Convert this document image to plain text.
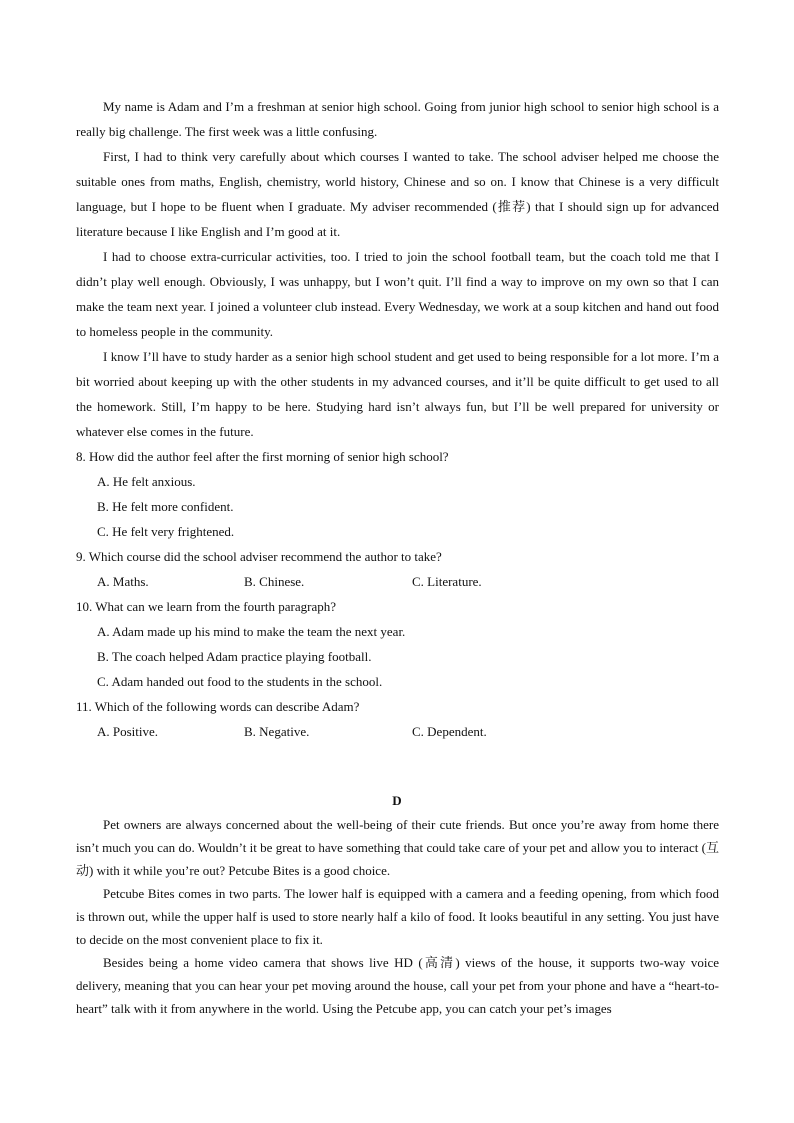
My name is Adam and I’m a freshman at senior high school. Going from junior high school to senior high school is a really big challenge. The first week was a little confusing.

First, I had to think very carefully about which courses I wanted to take. The school adviser helped me choose the suitable ones from maths, English, chemistry, world history, Chinese and so on. I know that Chinese is a very difficult language, but I hope to be fluent when I graduate. My adviser recommended (推荐) that I should sign up for advanced literature because I like English and I’m good at it.

I had to choose extra-curricular activities, too. I tried to join the school football team, but the coach told me that I didn’t play well enough. Obviously, I was unhappy, but I won’t quit. I’ll find a way to improve on my own so that I can make the team next year. I joined a volunteer club instead. Every Wednesday, we work at a soup kitchen and hand out food to homeless people in the community.

I know I’ll have to study harder as a senior high school student and get used to being responsible for a lot more. I’m a bit worried about keeping up with the other students in my advanced courses, and it’ll be quite difficult to get used to all the homework. Still, I’m happy to be here. Studying hard isn’t always fun, but I’ll be well prepared for university or whatever else comes in the future.

8. How did the author feel after the first morning of senior high school?

A. He felt anxious.

B. He felt more confident.

C. He felt very frightened.

9. Which course did the school adviser recommend the author to take?

A. Maths.	B. Chinese.	C. Literature.

10. What can we learn from the fourth paragraph?

A. Adam made up his mind to make the team the next year.

B. The coach helped Adam practice playing football.

C. Adam handed out food to the students in the school.

11. Which of the following words can describe Adam?

A. Positive.	B. Negative.	C. Dependent.

D

Pet owners are always concerned about the well-being of their cute friends. But once you’re away from home there isn’t much you can do. Wouldn’t it be great to have something that could take care of your pet and allow you to interact (互动) with it while you’re out? Petcube Bites is a good choice.

Petcube Bites comes in two parts. The lower half is equipped with a camera and a feeding opening, from which food is thrown out, while the upper half is used to store nearly half a kilo of food. It looks beautiful in any setting. You just have to decide on the most convenient place to fix it.

Besides being a home video camera that shows live HD (高清) views of the house, it supports two-way voice delivery, meaning that you can hear your pet moving around the house, call your pet from your phone and have a “heart-to-heart” talk with it from anywhere in the world. Using the Petcube app, you can catch your pet’s images
